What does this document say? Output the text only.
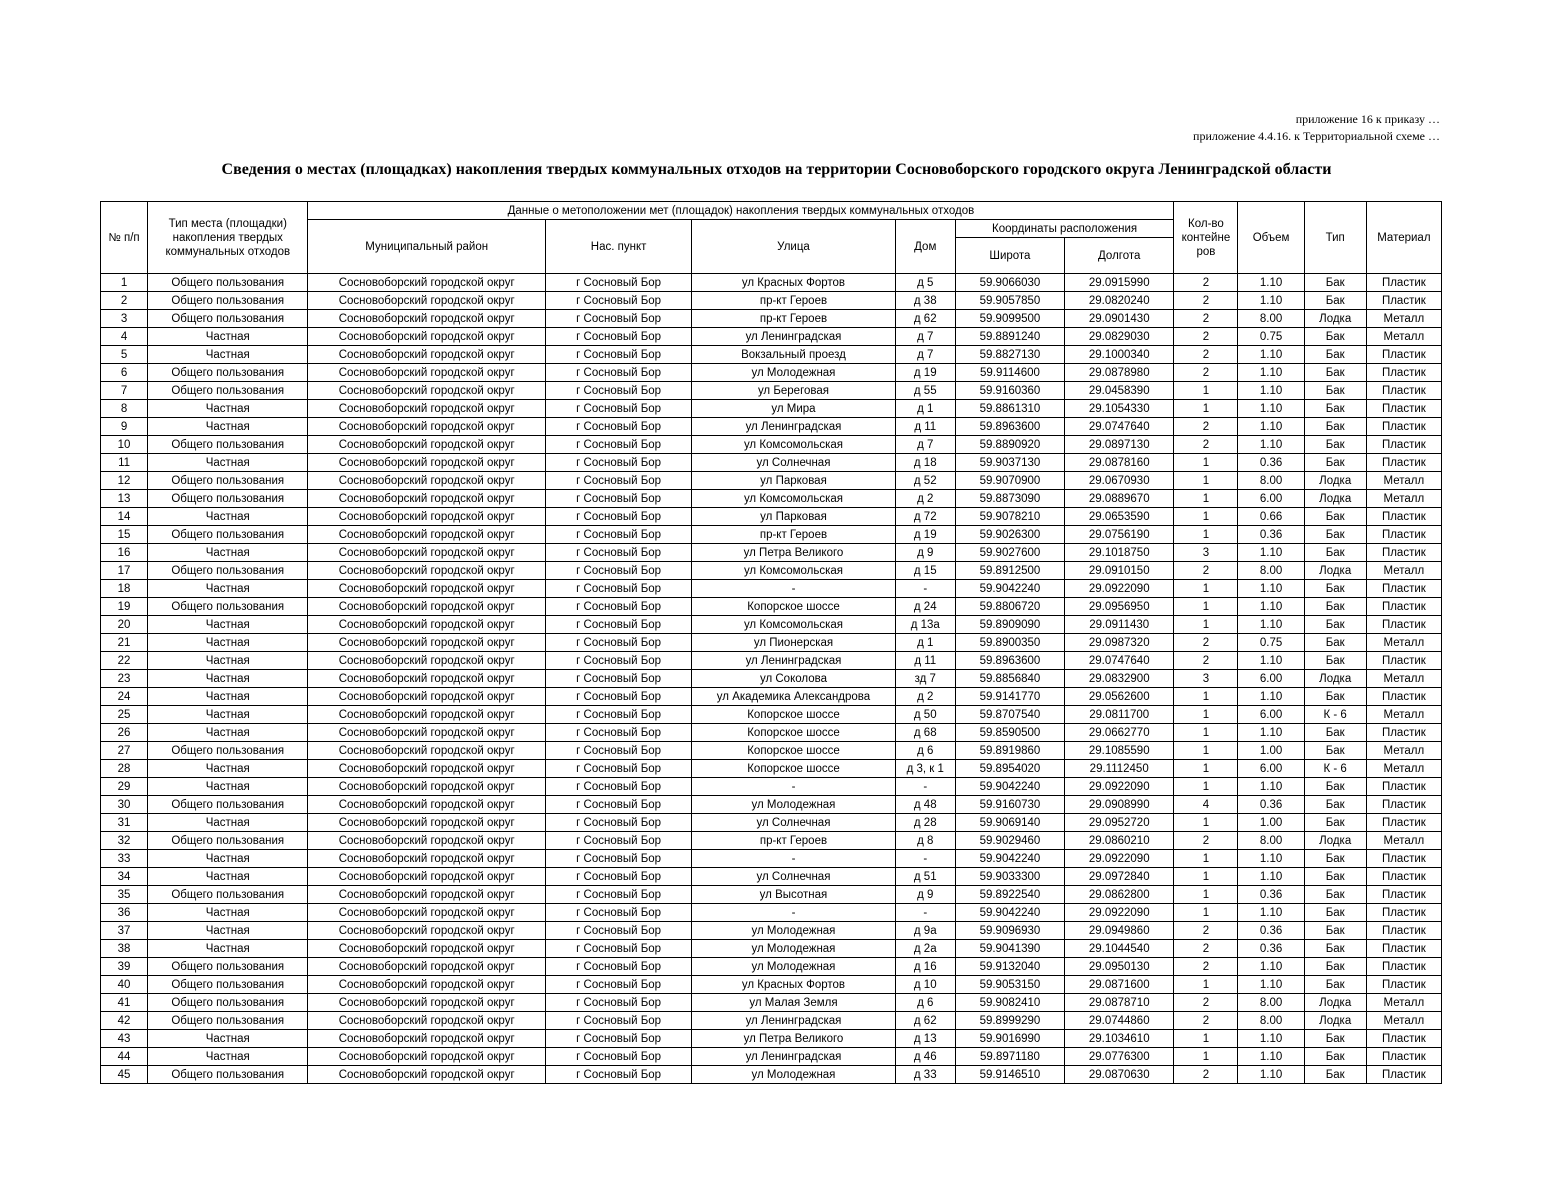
приложение 16 к приказу …
приложение 4.4.16. к Территориальной схеме …
Сведения о местах (площадках) накопления твердых коммунальных отходов на территории Сосновоборского городского округа Ленинградской области
№ п/п	Тип места (площадки) накопления твердых коммунальных отходов	Данные о метоположении мет (площадок) накопления твердых коммунальных отходов						Кол-во контейне ров	Объем	Тип	Материал
		Муниципальный район	Нас. пункт	Улица	Дом	Координаты расположения					
						Широта	Долгота				
1	Общего пользования	Сосновоборский городской округ	г Сосновый Бор	ул Красных Фортов	д 5	59.9066030	29.0915990	2	1.10	Бак	Пластик
2	Общего пользования	Сосновоборский городской округ	г Сосновый Бор	пр-кт Героев	д 38	59.9057850	29.0820240	2	1.10	Бак	Пластик
3	Общего пользования	Сосновоборский городской округ	г Сосновый Бор	пр-кт Героев	д 62	59.9099500	29.0901430	2	8.00	Лодка	Металл
4	Частная	Сосновоборский городской округ	г Сосновый Бор	ул Ленинградская	д 7	59.8891240	29.0829030	2	0.75	Бак	Металл
5	Частная	Сосновоборский городской округ	г Сосновый Бор	Вокзальный проезд	д 7	59.8827130	29.1000340	2	1.10	Бак	Пластик
6	Общего пользования	Сосновоборский городской округ	г Сосновый Бор	ул Молодежная	д 19	59.9114600	29.0878980	2	1.10	Бак	Пластик
7	Общего пользования	Сосновоборский городской округ	г Сосновый Бор	ул Береговая	д 55	59.9160360	29.0458390	1	1.10	Бак	Пластик
8	Частная	Сосновоборский городской округ	г Сосновый Бор	ул Мира	д 1	59.8861310	29.1054330	1	1.10	Бак	Пластик
9	Частная	Сосновоборский городской округ	г Сосновый Бор	ул Ленинградская	д 11	59.8963600	29.0747640	2	1.10	Бак	Пластик
10	Общего пользования	Сосновоборский городской округ	г Сосновый Бор	ул Комсомольская	д 7	59.8890920	29.0897130	2	1.10	Бак	Пластик
11	Частная	Сосновоборский городской округ	г Сосновый Бор	ул Солнечная	д 18	59.9037130	29.0878160	1	0.36	Бак	Пластик
12	Общего пользования	Сосновоборский городской округ	г Сосновый Бор	ул Парковая	д 52	59.9070900	29.0670930	1	8.00	Лодка	Металл
13	Общего пользования	Сосновоборский городской округ	г Сосновый Бор	ул Комсомольская	д 2	59.8873090	29.0889670	1	6.00	Лодка	Металл
14	Частная	Сосновоборский городской округ	г Сосновый Бор	ул Парковая	д 72	59.9078210	29.0653590	1	0.66	Бак	Пластик
15	Общего пользования	Сосновоборский городской округ	г Сосновый Бор	пр-кт Героев	д 19	59.9026300	29.0756190	1	0.36	Бак	Пластик
16	Частная	Сосновоборский городской округ	г Сосновый Бор	ул Петра Великого	д 9	59.9027600	29.1018750	3	1.10	Бак	Пластик
17	Общего пользования	Сосновоборский городской округ	г Сосновый Бор	ул Комсомольская	д 15	59.8912500	29.0910150	2	8.00	Лодка	Металл
18	Частная	Сосновоборский городской округ	г Сосновый Бор	-	-	59.9042240	29.0922090	1	1.10	Бак	Пластик
19	Общего пользования	Сосновоборский городской округ	г Сосновый Бор	Копорское шоссе	д 24	59.8806720	29.0956950	1	1.10	Бак	Пластик
20	Частная	Сосновоборский городской округ	г Сосновый Бор	ул Комсомольская	д 13а	59.8909090	29.0911430	1	1.10	Бак	Пластик
21	Частная	Сосновоборский городской округ	г Сосновый Бор	ул Пионерская	д 1	59.8900350	29.0987320	2	0.75	Бак	Металл
22	Частная	Сосновоборский городской округ	г Сосновый Бор	ул Ленинградская	д 11	59.8963600	29.0747640	2	1.10	Бак	Пластик
23	Частная	Сосновоборский городской округ	г Сосновый Бор	ул Соколова	зд 7	59.8856840	29.0832900	3	6.00	Лодка	Металл
24	Частная	Сосновоборский городской округ	г Сосновый Бор	ул Академика Александрова	д 2	59.9141770	29.0562600	1	1.10	Бак	Пластик
25	Частная	Сосновоборский городской округ	г Сосновый Бор	Копорское шоссе	д 50	59.8707540	29.0811700	1	6.00	К - 6	Металл
26	Частная	Сосновоборский городской округ	г Сосновый Бор	Копорское шоссе	д 68	59.8590500	29.0662770	1	1.10	Бак	Пластик
27	Общего пользования	Сосновоборский городской округ	г Сосновый Бор	Копорское шоссе	д 6	59.8919860	29.1085590	1	1.00	Бак	Металл
28	Частная	Сосновоборский городской округ	г Сосновый Бор	Копорское шоссе	д 3, к 1	59.8954020	29.1112450	1	6.00	К - 6	Металл
29	Частная	Сосновоборский городской округ	г Сосновый Бор	-	-	59.9042240	29.0922090	1	1.10	Бак	Пластик
30	Общего пользования	Сосновоборский городской округ	г Сосновый Бор	ул Молодежная	д 48	59.9160730	29.0908990	4	0.36	Бак	Пластик
31	Частная	Сосновоборский городской округ	г Сосновый Бор	ул Солнечная	д 28	59.9069140	29.0952720	1	1.00	Бак	Пластик
32	Общего пользования	Сосновоборский городской округ	г Сосновый Бор	пр-кт Героев	д 8	59.9029460	29.0860210	2	8.00	Лодка	Металл
33	Частная	Сосновоборский городской округ	г Сосновый Бор	-	-	59.9042240	29.0922090	1	1.10	Бак	Пластик
34	Частная	Сосновоборский городской округ	г Сосновый Бор	ул Солнечная	д 51	59.9033300	29.0972840	1	1.10	Бак	Пластик
35	Общего пользования	Сосновоборский городской округ	г Сосновый Бор	ул Высотная	д 9	59.8922540	29.0862800	1	0.36	Бак	Пластик
36	Частная	Сосновоборский городской округ	г Сосновый Бор	-	-	59.9042240	29.0922090	1	1.10	Бак	Пластик
37	Частная	Сосновоборский городской округ	г Сосновый Бор	ул Молодежная	д 9а	59.9096930	29.0949860	2	0.36	Бак	Пластик
38	Частная	Сосновоборский городской округ	г Сосновый Бор	ул Молодежная	д 2а	59.9041390	29.1044540	2	0.36	Бак	Пластик
39	Общего пользования	Сосновоборский городской округ	г Сосновый Бор	ул Молодежная	д 16	59.9132040	29.0950130	2	1.10	Бак	Пластик
40	Общего пользования	Сосновоборский городской округ	г Сосновый Бор	ул Красных Фортов	д 10	59.9053150	29.0871600	1	1.10	Бак	Пластик
41	Общего пользования	Сосновоборский городской округ	г Сосновый Бор	ул Малая Земля	д 6	59.9082410	29.0878710	2	8.00	Лодка	Металл
42	Общего пользования	Сосновоборский городской округ	г Сосновый Бор	ул Ленинградская	д 62	59.8999290	29.0744860	2	8.00	Лодка	Металл
43	Частная	Сосновоборский городской округ	г Сосновый Бор	ул Петра Великого	д 13	59.9016990	29.1034610	1	1.10	Бак	Пластик
44	Частная	Сосновоборский городской округ	г Сосновый Бор	ул Ленинградская	д 46	59.8971180	29.0776300	1	1.10	Бак	Пластик
45	Общего пользования	Сосновоборский городской округ	г Сосновый Бор	ул Молодежная	д 33	59.9146510	29.0870630	2	1.10	Бак	Пластик
